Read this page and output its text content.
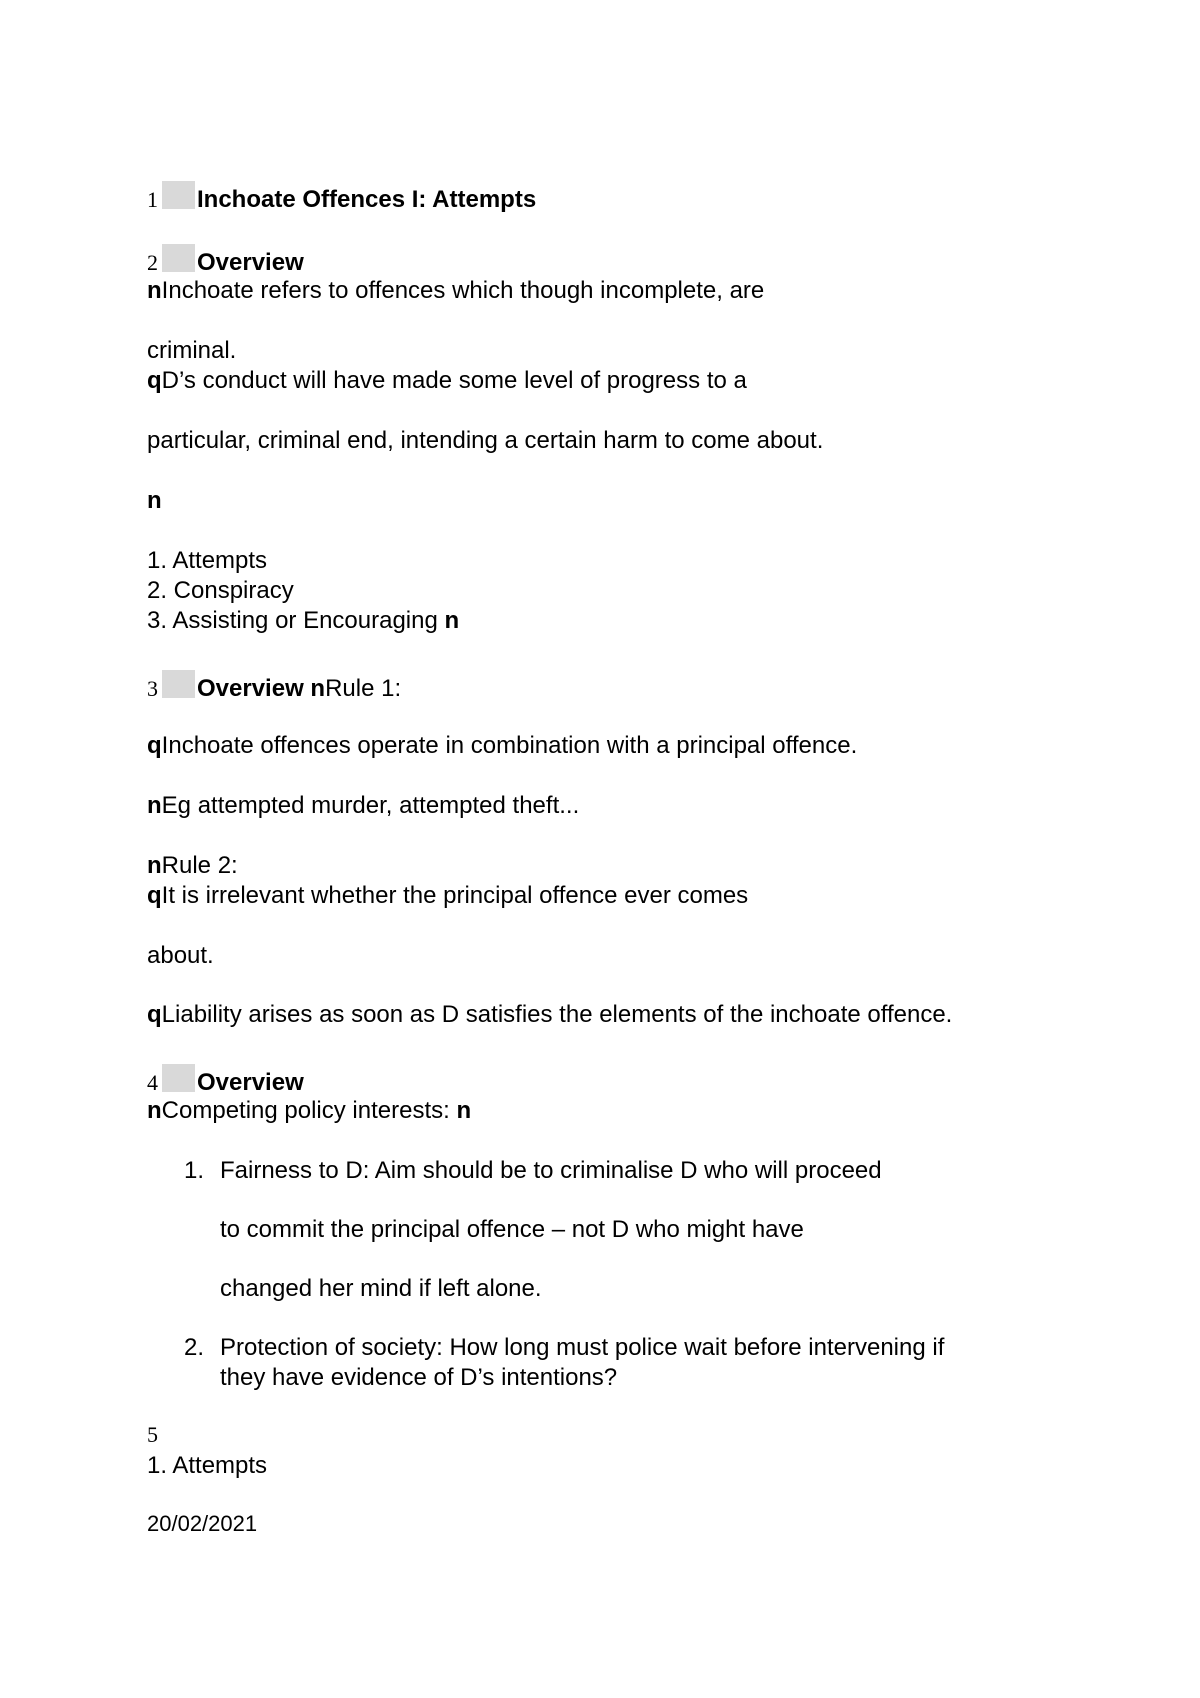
1 Inchoate Offences I: Attempts
2 Overview
nInchoate refers to offences which though incomplete, are
criminal.
qD’s conduct will have made some level of progress to a
particular, criminal end, intending a certain harm to come about.
n
1. Attempts
2. Conspiracy
3. Assisting or Encouraging n
3 Overview nRule 1:
qInchoate offences operate in combination with a principal offence.
nEg attempted murder, attempted theft...
nRule 2:
qIt is irrelevant whether the principal offence ever comes
about.
qLiability arises as soon as D satisfies the elements of the inchoate offence.
4 Overview
nCompeting policy interests: n
1. Fairness to D: Aim should be to criminalise D who will proceed
to commit the principal offence – not D who might have
changed her mind if left alone.
2. Protection of society: How long must police wait before intervening if
they have evidence of D’s intentions?
5
1. Attempts
20/02/2021
